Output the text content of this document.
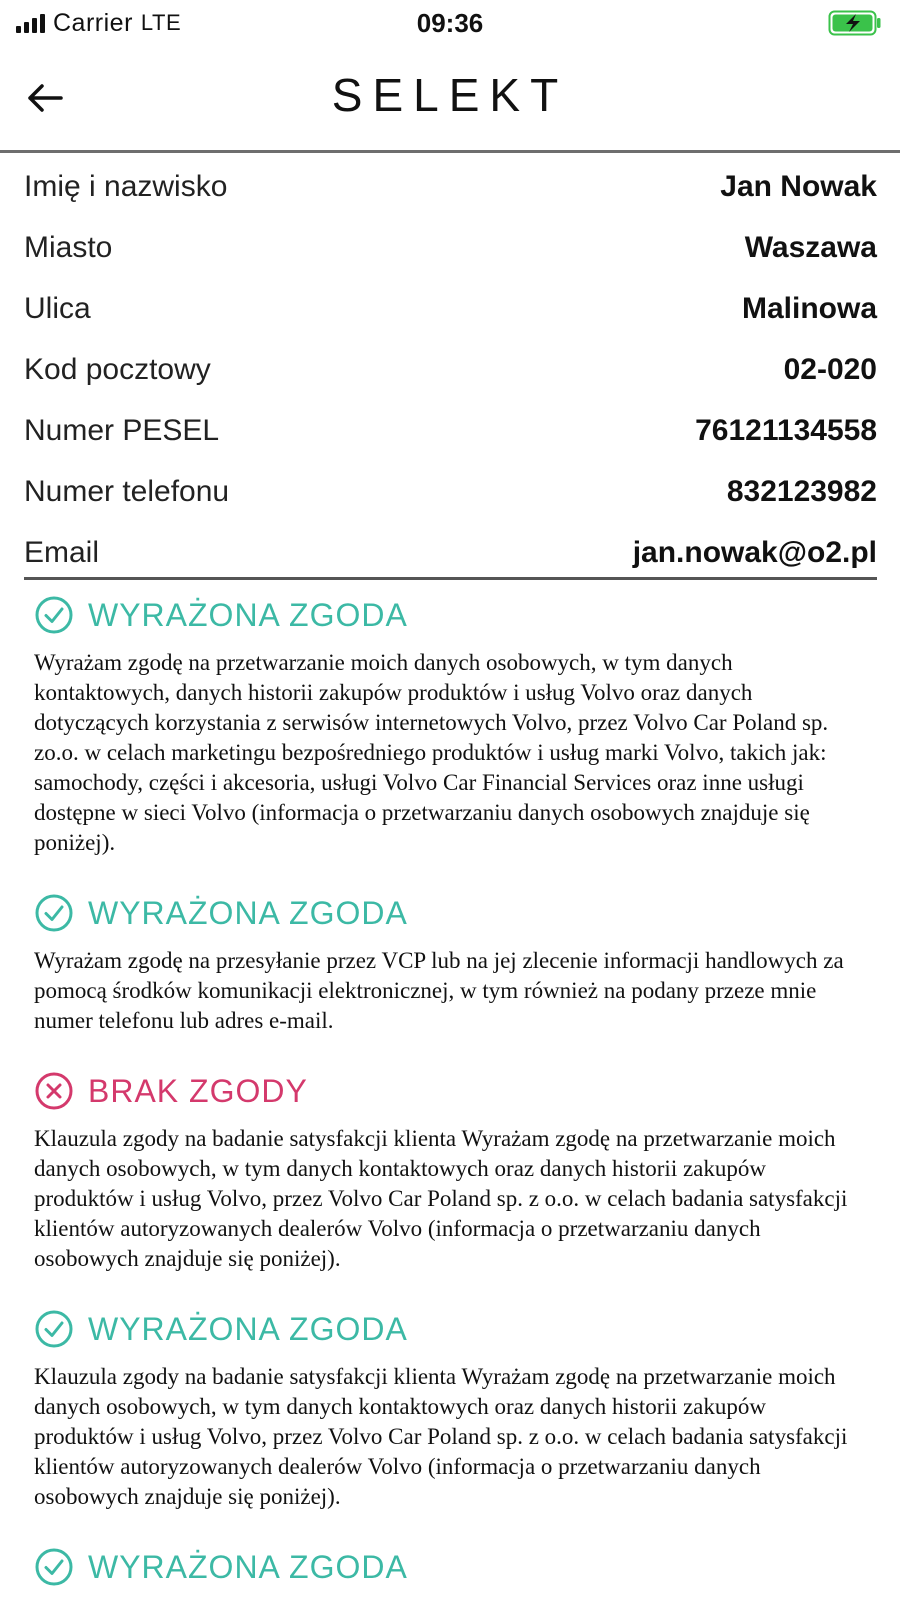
Carrier LTE	09:36
SELEKT
Imię i nazwisko	Jan Nowak
Miasto	Waszawa
Ulica	Malinowa
Kod pocztowy	02-020
Numer PESEL	76121134558
Numer telefonu	832123982
Email	jan.nowak@o2.pl
WYRAŻONA ZGODA

Wyrażam zgodę na przetwarzanie moich danych osobowych, w tym danych kontaktowych, danych historii zakupów produktów i usług Volvo oraz danych dotyczących korzystania z serwisów internetowych Volvo, przez Volvo Car Poland sp. zo.o. w celach marketingu bezpośredniego produktów i usług marki Volvo, takich jak: samochody, części i akcesoria, usługi Volvo Car Financial Services oraz inne usługi dostępne w sieci Volvo (informacja o przetwarzaniu danych osobowych znajduje się poniżej).

WYRAŻONA ZGODA

Wyrażam zgodę na przesyłanie przez VCP lub na jej zlecenie informacji handlowych za pomocą środków komunikacji elektronicznej, w tym również na podany przeze mnie numer telefonu lub adres e-mail.

BRAK ZGODY

Klauzula zgody na badanie satysfakcji klienta Wyrażam zgodę na przetwarzanie moich danych osobowych, w tym danych kontaktowych oraz danych historii zakupów produktów i usług Volvo, przez Volvo Car Poland sp. z o.o. w celach badania satysfakcji klientów autoryzowanych dealerów Volvo (informacja o przetwarzaniu danych osobowych znajduje się poniżej).

WYRAŻONA ZGODA

Klauzula zgody na badanie satysfakcji klienta Wyrażam zgodę na przetwarzanie moich danych osobowych, w tym danych kontaktowych oraz danych historii zakupów produktów i usług Volvo, przez Volvo Car Poland sp. z o.o. w celach badania satysfakcji klientów autoryzowanych dealerów Volvo (informacja o przetwarzaniu danych osobowych znajduje się poniżej).

WYRAŻONA ZGODA
